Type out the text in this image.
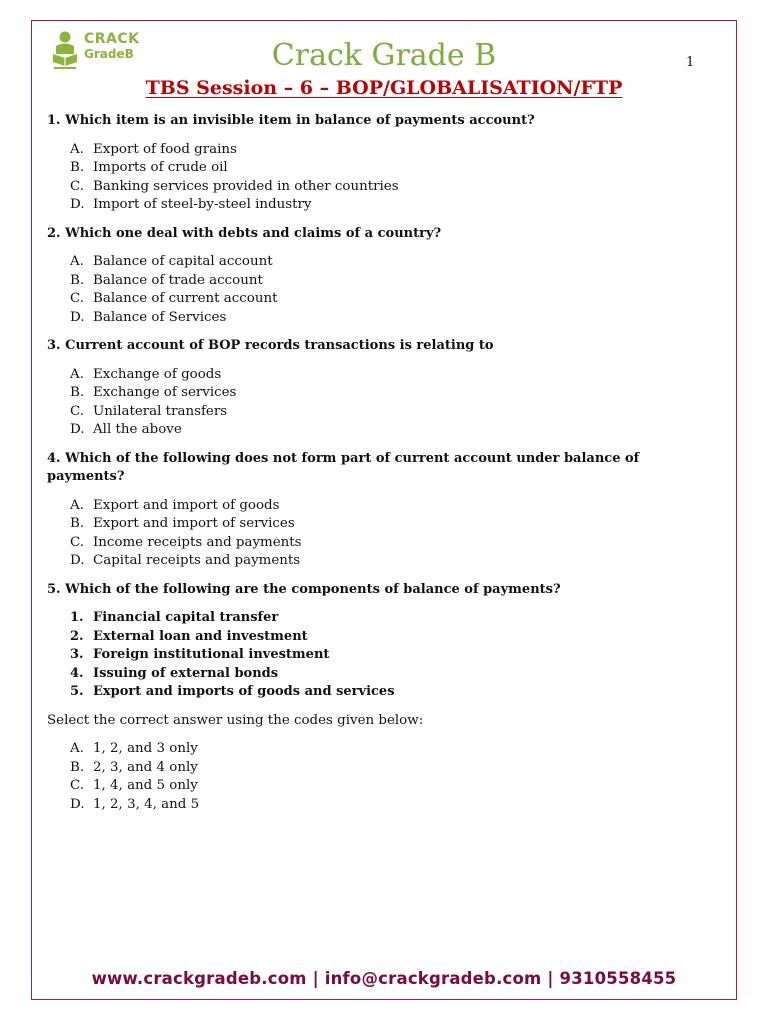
CRACK
GradeB	Crack Grade B	1
TBS Session – 6 – BOP/GLOBALISATION/FTP
1. Which item is an invisible item in balance of payments account?
A. Export of food grains
B. Imports of crude oil
C. Banking services provided in other countries
D. Import of steel-by-steel industry
2. Which one deal with debts and claims of a country?
A. Balance of capital account
B. Balance of trade account
C. Balance of current account
D. Balance of Services
3. Current account of BOP records transactions is relating to
A. Exchange of goods
B. Exchange of services
C. Unilateral transfers
D. All the above
4. Which of the following does not form part of current account under balance of payments?
A. Export and import of goods
B. Export and import of services
C. Income receipts and payments
D. Capital receipts and payments
5. Which of the following are the components of balance of payments?
1. Financial capital transfer
2. External loan and investment
3. Foreign institutional investment
4. Issuing of external bonds
5. Export and imports of goods and services
Select the correct answer using the codes given below:
A. 1, 2, and 3 only
B. 2, 3, and 4 only
C. 1, 4, and 5 only
D. 1, 2, 3, 4, and 5
www.crackgradeb.com | info@crackgradeb.com | 9310558455
